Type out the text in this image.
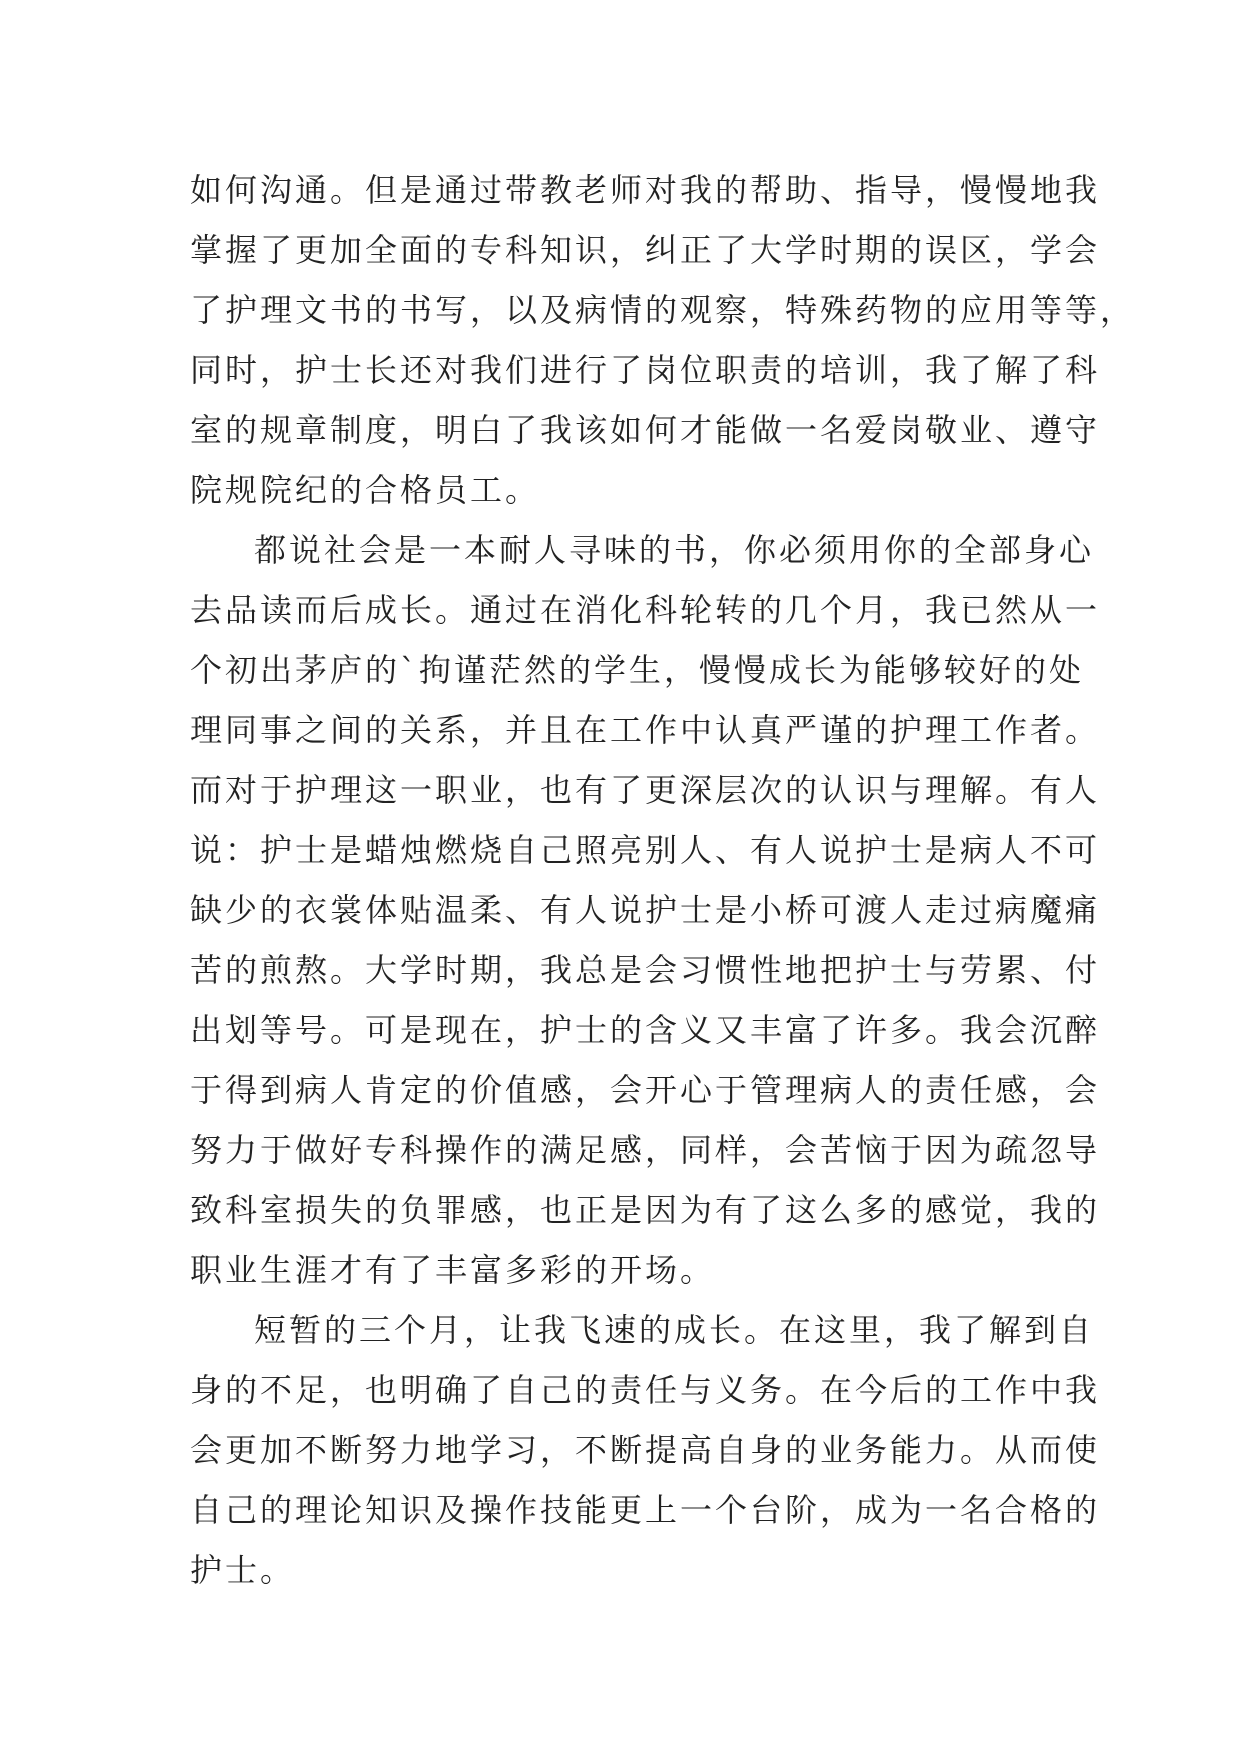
如何沟通。但是通过带教老师对我的帮助、指导，慢慢地我
掌握了更加全面的专科知识，纠正了大学时期的误区，学会
了护理文书的书写，以及病情的观察，特殊药物的应用等等，
同时，护士长还对我们进行了岗位职责的培训，我了解了科
室的规章制度，明白了我该如何才能做一名爱岗敬业、遵守
院规院纪的合格员工。
都说社会是一本耐人寻味的书，你必须用你的全部身心
去品读而后成长。通过在消化科轮转的几个月，我已然从一
个初出茅庐的`拘谨茫然的学生，慢慢成长为能够较好的处
理同事之间的关系，并且在工作中认真严谨的护理工作者。
而对于护理这一职业，也有了更深层次的认识与理解。有人
说：护士是蜡烛燃烧自己照亮别人、有人说护士是病人不可
缺少的衣裳体贴温柔、有人说护士是小桥可渡人走过病魔痛
苦的煎熬。大学时期，我总是会习惯性地把护士与劳累、付
出划等号。可是现在，护士的含义又丰富了许多。我会沉醉
于得到病人肯定的价值感，会开心于管理病人的责任感，会
努力于做好专科操作的满足感，同样，会苦恼于因为疏忽导
致科室损失的负罪感，也正是因为有了这么多的感觉，我的
职业生涯才有了丰富多彩的开场。
短暂的三个月，让我飞速的成长。在这里，我了解到自
身的不足，也明确了自己的责任与义务。在今后的工作中我
会更加不断努力地学习，不断提高自身的业务能力。从而使
自己的理论知识及操作技能更上一个台阶，成为一名合格的
护士。
